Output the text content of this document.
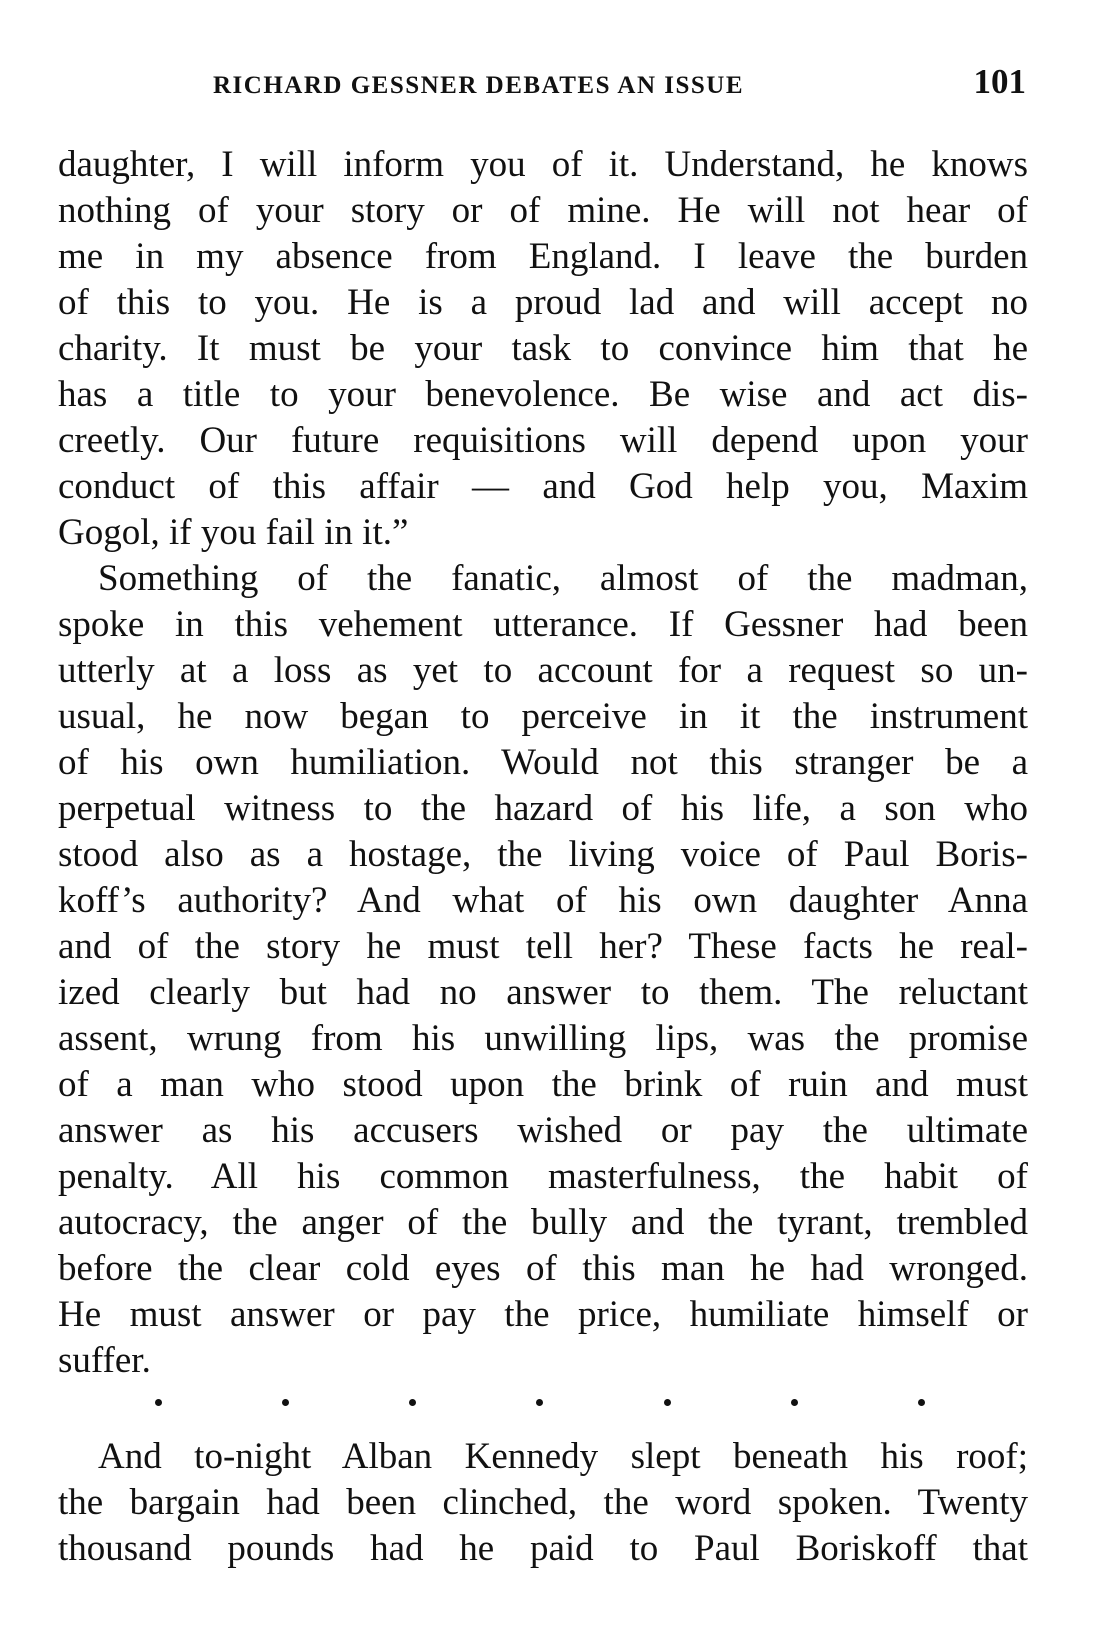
RICHARD GESSNER DEBATES AN ISSUE	101
daughter, I will inform you of it. Understand, he knows
nothing of your story or of mine. He will not hear of
me in my absence from England. I leave the burden
of this to you. He is a proud lad and will accept no
charity. It must be your task to convince him that he
has a title to your benevolence. Be wise and act dis-
creetly. Our future requisitions will depend upon your
conduct of this affair — and God help you, Maxim
Gogol, if you fail in it.”
Something of the fanatic, almost of the madman,
spoke in this vehement utterance. If Gessner had been
utterly at a loss as yet to account for a request so un-
usual, he now began to perceive in it the instrument
of his own humiliation. Would not this stranger be a
perpetual witness to the hazard of his life, a son who
stood also as a hostage, the living voice of Paul Boris-
koff’s authority? And what of his own daughter Anna
and of the story he must tell her? These facts he real-
ized clearly but had no answer to them. The reluctant
assent, wrung from his unwilling lips, was the promise
of a man who stood upon the brink of ruin and must
answer as his accusers wished or pay the ultimate
penalty. All his common masterfulness, the habit of
autocracy, the anger of the bully and the tyrant, trembled
before the clear cold eyes of this man he had wronged.
He must answer or pay the price, humiliate himself or
suffer.
And to-night Alban Kennedy slept beneath his roof;
the bargain had been clinched, the word spoken. Twenty
thousand pounds had he paid to Paul Boriskoff that
